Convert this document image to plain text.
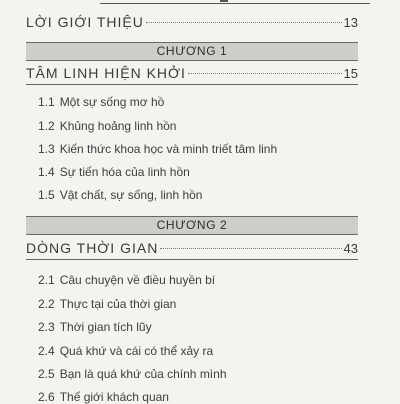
LỜI GIỚI THIỆU	13
CHƯƠNG 1
TÂM LINH HIỆN KHỞI	15
1.1 Một sự sống mơ hồ
1.2 Khủng hoảng linh hồn
1.3 Kiến thức khoa học và minh triết tâm linh
1.4 Sự tiến hóa của linh hồn
1.5 Vật chất, sự sống, linh hồn
CHƯƠNG 2
DÒNG THỜI GIAN	43
2.1 Câu chuyện về điều huyền bí
2.2 Thực tại của thời gian
2.3 Thời gian tích lũy
2.4 Quá khứ và cái có thể xảy ra
2.5 Bạn là quá khứ của chính mình
2.6 Thế giới khách quan
